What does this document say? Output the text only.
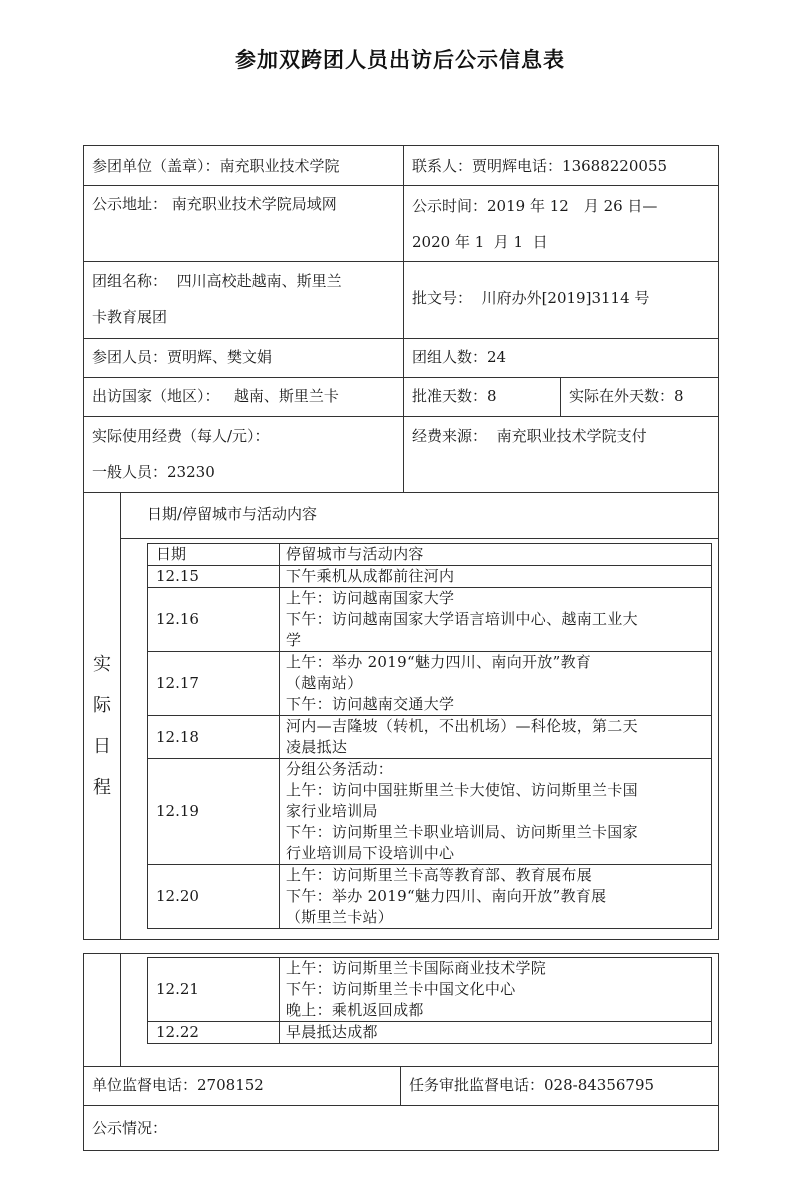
参加双跨团人员出访后公示信息表
参团单位（盖章）：南充职业技术学院	联系人：贾明辉电话：13688220055
公示地址： 南充职业技术学院局域网	公示时间：2019 年 12　月 26 日—
2020 年 1  月 1  日
团组名称： 四川高校赴越南、斯里兰
卡教育展团
批文号： 川府办外[2019]3114 号
参团人员：贾明辉、樊文娟	团组人数：24
出访国家（地区）： 越南、斯里兰卡	批准天数：8	实际在外天数：8
实际使用经费（每人/元）：
一般人员：23230
经费来源： 南充职业技术学院支付
实
际
日
程
日期/停留城市与活动内容
日期	停留城市与活动内容
12.15	下午乘机从成都前往河内

12.16	上午：访问越南国家大学
下午：访问越南国家大学语言培训中心、越南工业大
学

12.17	上午：举办 2019“魅力四川、南向开放”教育
（越南站）
下午：访问越南交通大学

12.18	河内—吉隆坡（转机，不出机场）—科伦坡，第二天
凌晨抵达

12.19	分组公务活动：
上午：访问中国驻斯里兰卡大使馆、访问斯里兰卡国
家行业培训局
下午：访问斯里兰卡职业培训局、访问斯里兰卡国家
行业培训局下设培训中心

12.20	上午：访问斯里兰卡高等教育部、教育展布展
下午：举办 2019“魅力四川、南向开放”教育展
（斯里兰卡站）
12.21	上午：访问斯里兰卡国际商业技术学院
下午：访问斯里兰卡中国文化中心
晚上：乘机返回成都

12.22	早晨抵达成都
单位监督电话：2708152	任务审批监督电话：028-84356795
公示情况：
